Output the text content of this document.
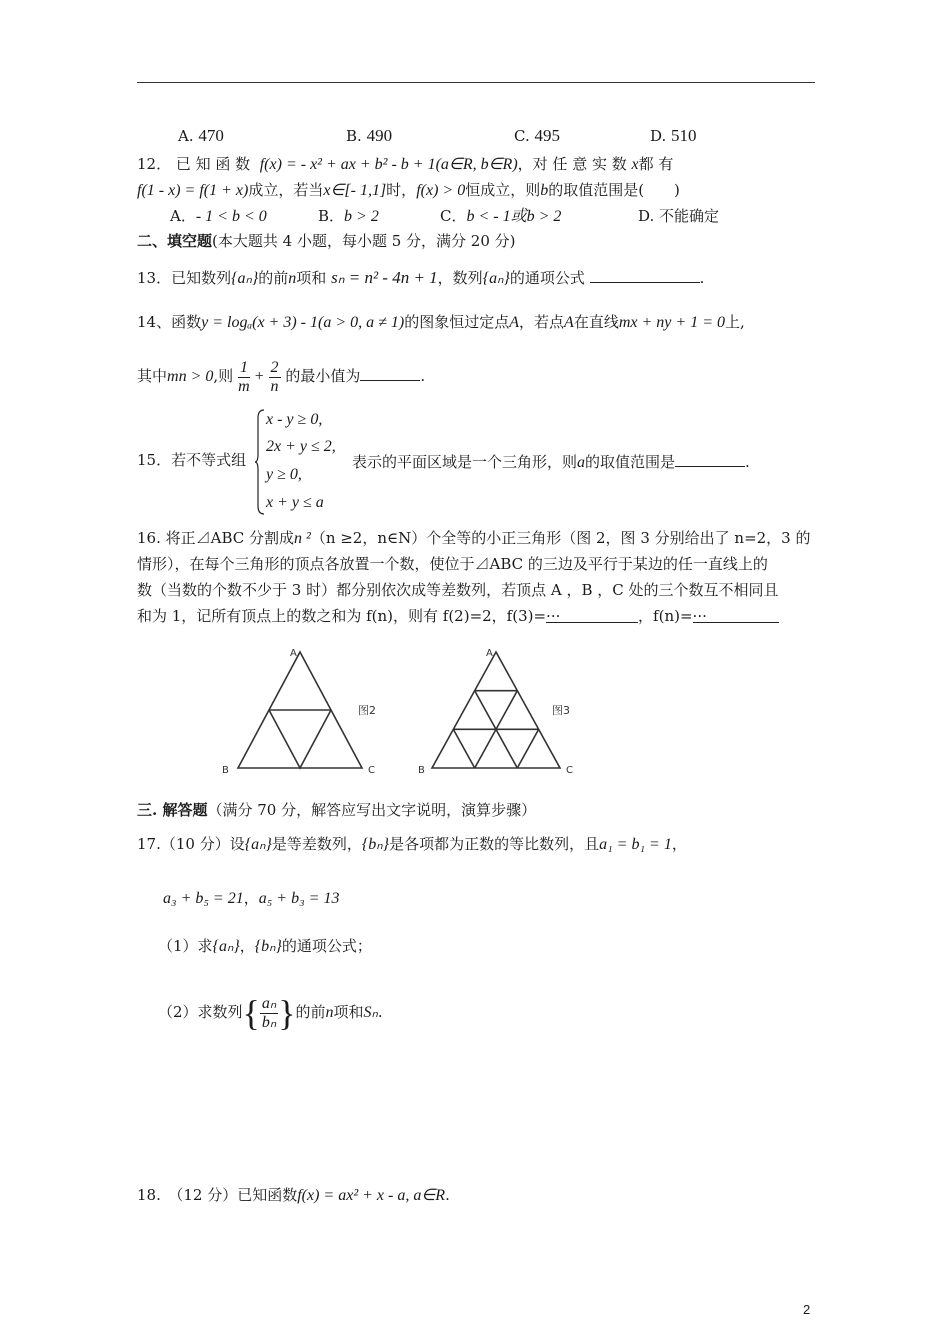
A. 470	B. 490	C. 495	D. 510
12． 已 知 函 数 f(x) = - x² + ax + b² - b + 1(a∈R, b∈R)，对 任 意 实 数 x都 有
f(1 - x) = f(1 + x)成立，若当x∈[- 1,1]时，f(x) > 0恒成立，则b的取值范围是(　　)
A．- 1 < b < 0	B．b > 2	C．b < - 1或b > 2	D. 不能确定
二、填空题(本大题共 4 小题，每小题 5 分，满分 20 分)
13．已知数列{aₙ}的前n项和 sₙ = n² - 4n + 1，数列{aₙ}的通项公式	.
14、函数y = logₐ(x + 3) - 1(a > 0, a ≠ 1)的图象恒过定点A，若点A在直线mx + ny + 1 = 0上,
其中mn > 0,则 $\frac{1}{m} + \frac{2}{n}$ 的最小值为	.
15．若不等式组
x - y ≥ 0,
2x + y ≤ 2,
y ≥ 0,
x + y ≤ a
表示的平面区域是一个三角形，则a的取值范围是	.
16. 将正⊿ABC 分割成n ²（n ≥2，n∈N）个全等的小正三角形（图 2，图 3 分别给出了 n=2，3 的
情形），在每个三角形的顶点各放置一个数，使位于⊿ABC 的三边及平行于某边的任一直线上的
数（当数的个数不少于 3 时）都分别依次成等差数列，若顶点 A ，B ，C 处的三个数互不相同且
和为 1，记所有顶点上的数之和为 f(n)，则有 f(2)=2，f(3)=···	，f(n)=···
A
B	C
图2
A
B	C
图3
三. 解答题（满分 70 分，解答应写出文字说明，演算步骤）
17.（10 分）设{aₙ}是等差数列，{bₙ}是各项都为正数的等比数列，且a₁ = b₁ = 1，
a₃ + b₅ = 21，a₅ + b₃ = 13
（1）求{aₙ}，{bₙ}的通项公式；
（2）求数列{ $\frac{\text{aₙ}}{\text{bₙ}}$ }的前n项和Sₙ.
18.　（12 分）已知函数f(x) = ax² + x - a, a∈R.
2
